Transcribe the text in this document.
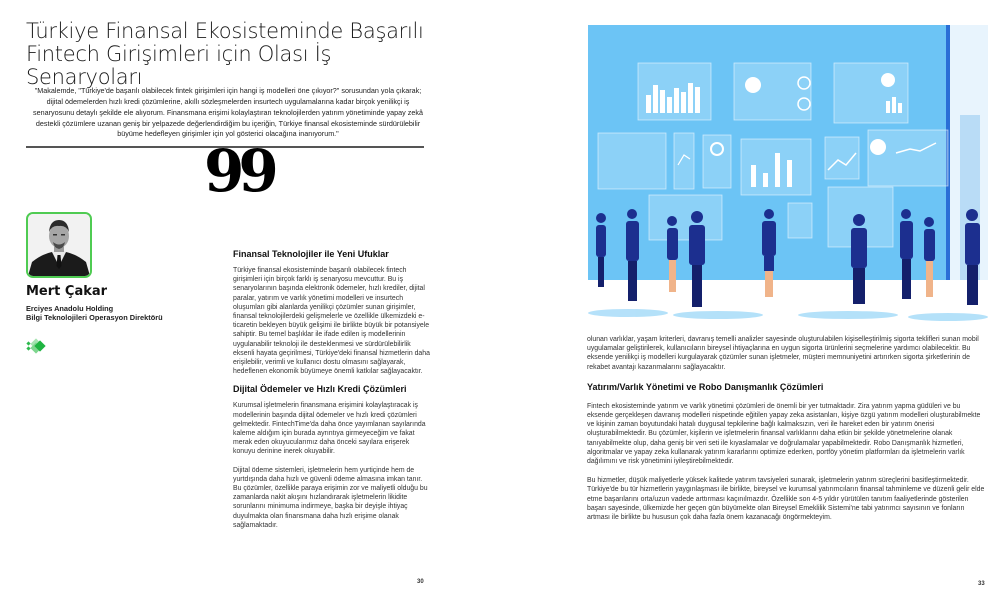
Türkiye Finansal Ekosisteminde Başarılı
Fintech Girişimleri için Olası İş Senaryoları

"Makalemde, "Türkiye'de başarılı olabilecek fintek girişimleri için hangi iş modelleri öne çıkıyor?" sorusundan yola çıkarak; dijital ödemelerden hızlı kredi çözümlerine, akıllı sözleşmelerden insurtech uygulamalarına kadar birçok yenilikçi iş senaryosunu detaylı şekilde ele alıyorum. Finansmana erişimi kolaylaştıran teknolojilerden yatırım yönetiminde yapay zekâ destekli çözümlere uzanan geniş bir yelpazede değerlendirdiğim bu içeriğin, Türkiye finansal ekosisteminde sürdürülebilir büyüme hedefleyen girişimler için yol gösterici olacağına inanıyorum."

99
Mert Çakar
Erciyes Anadolu Holding
Bilgi Teknolojileri Operasyon Direktörü
Finansal Teknolojiler ile Yeni Ufuklar

Türkiye finansal ekosisteminde başarılı olabilecek fintech girişimleri için birçok farklı iş senaryosu mevcuttur. Bu iş senaryolarının başında elektronik ödemeler, hızlı krediler, dijital paralar, yatırım ve varlık yönetimi modelleri ve insurtech oluşumları gibi alanlarda yenilikçi çözümler sunan girişimler, finansal teknolojilerdeki gelişmelerle ve özellikle ülkemizdeki e-ticaretin bekleyen büyük gelişimi ile birlikte büyük bir potansiyele sahiptir. Bu temel başlıklar ile ifade edilen iş modellerinin uygulanabilir teknoloji ile desteklenmesi ve sürdürülebilirlik eksenli hayata geçirilmesi, Türkiye'deki finansal hizmetlerin daha erişilebilir, verimli ve kullanıcı dostu olmasını sağlayarak, hedeflenen ekonomik büyümeye önemli katkılar sağlayacaktır.

Dijital Ödemeler ve Hızlı Kredi Çözümleri

Kurumsal işletmelerin finansmana erişimini kolaylaştıracak iş modellerinin başında dijital ödemeler ve hızlı kredi çözümleri gelmektedir. FintechTime'da daha önce yayımlanan sayılarında kaleme aldığım için burada ayrıntıya girmeyeceğim ve fakat merak eden okuyucularımız daha önceki sayılara erişerek konuyu derinine inerek okuyabilir.

Dijital ödeme sistemleri, işletmelerin hem yurtiçinde hem de yurtdışında daha hızlı ve güvenli ödeme almasına imkan tanır. Bu çözümler, özellikle paraya erişimin zor ve maliyetli olduğu bu zamanlarda nakit akışını hızlandırarak işletmelerin likidite sorunlarını minimuma indirmeye, başka bir deyişle ihtiyaç duyulmakta olan finansmana daha hızlı erişime olanak sağlamaktadır.

30

olunan varlıklar, yaşam kriterleri, davranış temelli analizler sayesinde oluşturulabilen kişiselleştirilmiş sigorta teklifleri sunan mobil uygulamalar geliştirilerek, kullanıcıların bireysel ihtiyaçlarına en uygun sigorta ürünlerini seçmelerine yardımcı olabilecektir. Bu eksende yenilikçi iş modelleri kurgulayarak çözümler sunan işletmeler, müşteri memnuniyetini artırırken sigorta şirketlerinin de rekabet avantajı kazanmalarını sağlayacaktır.

Yatırım/Varlık Yönetimi ve Robo Danışmanlık Çözümleri

Fintech ekosisteminde yatırım ve varlık yönetimi çözümleri de önemli bir yer tutmaktadır. Zira yatırım yapma güdüleri ve bu eksende gerçekleşen davranış modelleri nispetinde eğitilen yapay zeka asistanları, kişiye özgü yatırım modelleri oluşturabilmekte ve kişinin zaman boyutundaki hatalı duygusal tepkilerine bağlı kalmaksızın, veri ile hareket eden bir yatırım önerisi oluşturabilmektedir. Bu çözümler, kişilerin ve işletmelerin finansal varlıklarını daha etkin bir şekilde yönetmelerine olanak tanıyabilmekte olup, daha geniş bir veri seti ile kıyaslamalar ve doğrulamalar yapabilmektedir. Robo Danışmanlık hizmetleri, algoritmalar ve yapay zeka kullanarak yatırım kararlarını optimize ederken, portföy yönetim platformları da işletmelerin varlık dağılımını ve risk yönetimini iyileştirebilmektedir.

Bu hizmetler, düşük maliyetlerle yüksek kalitede yatırım tavsiyeleri sunarak, işletmelerin yatırım süreçlerini basitleştirmektedir. Türkiye'de bu tür hizmetlerin yaygınlaşması ile birlikte, bireysel ve kurumsal yatırımcıların finansal tahminleme ve düzenli gelir elde etme başarılarını orta/uzun vadede arttırması kaçınılmazdır. Özellikle son 4-5 yıldır yürütülen tanıtım faaliyetlerinde gösterilen başarı sayesinde, ülkemizde her geçen gün büyümekte olan Bireysel Emeklilik Sistemi'ne tabi yatırımcı sayısının ve fonların artması ile birlikte bu hususun çok daha fazla önem kazanacağı öngörmekteyim.

33
